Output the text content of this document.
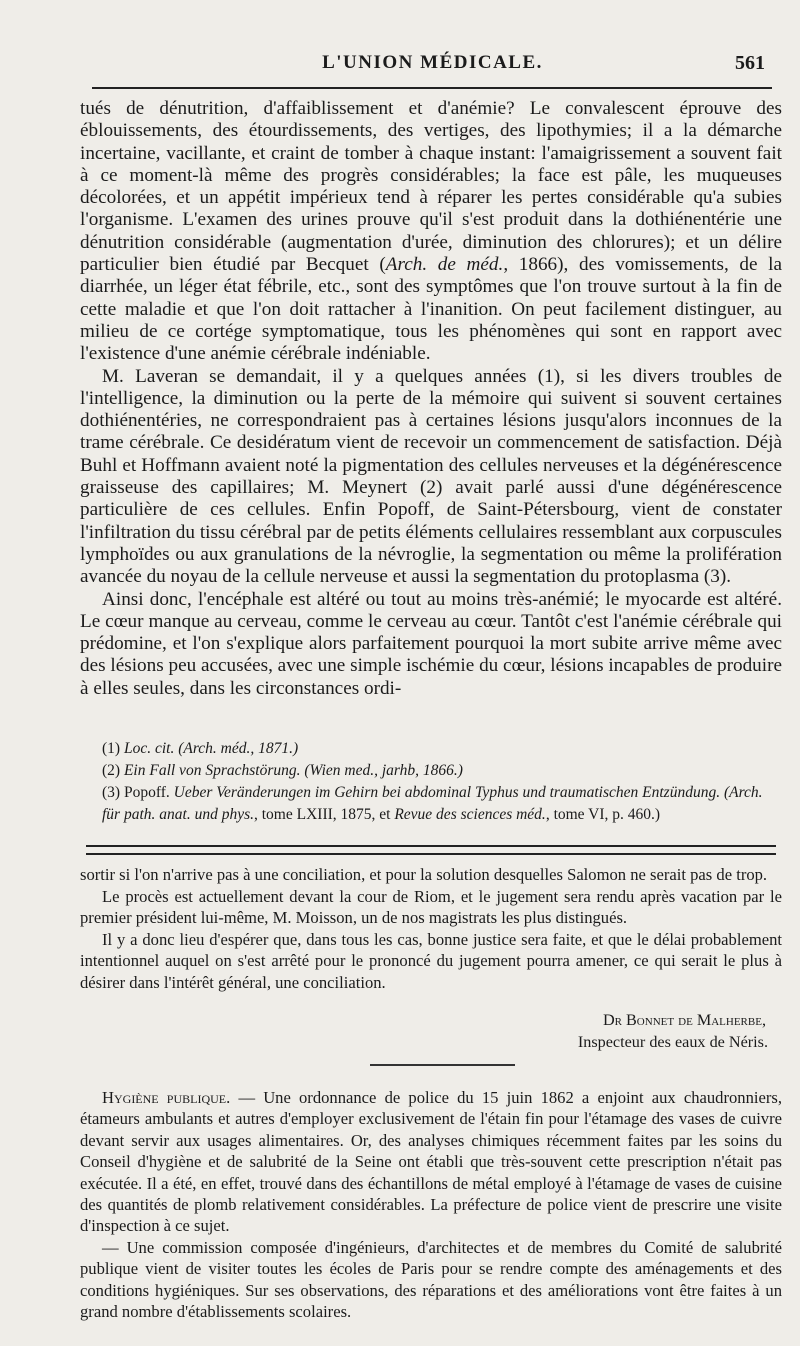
L'UNION MÉDICALE.	561

tués de dénutrition, d'affaiblissement et d'anémie? Le convalescent éprouve des éblouissements, des étourdissements, des vertiges, des lipothymies; il a la démarche incertaine, vacillante, et craint de tomber à chaque instant: l'amaigrissement a souvent fait à ce moment-là même des progrès considérables; la face est pâle, les muqueuses décolorées, et un appétit impérieux tend à réparer les pertes considérable qu'a subies l'organisme. L'examen des urines prouve qu'il s'est produit dans la dothiénentérie une dénutrition considérable (augmentation d'urée, diminution des chlorures); et un délire particulier bien étudié par Becquet (Arch. de méd., 1866), des vomissements, de la diarrhée, un léger état fébrile, etc., sont des symptômes que l'on trouve surtout à la fin de cette maladie et que l'on doit rattacher à l'inanition. On peut facilement distinguer, au milieu de ce cortége symptomatique, tous les phénomènes qui sont en rapport avec l'existence d'une anémie cérébrale indéniable.

M. Laveran se demandait, il y a quelques années (1), si les divers troubles de l'intelligence, la diminution ou la perte de la mémoire qui suivent si souvent certaines dothiénentéries, ne correspondraient pas à certaines lésions jusqu'alors inconnues de la trame cérébrale. Ce desidératum vient de recevoir un commencement de satisfaction. Déjà Buhl et Hoffmann avaient noté la pigmentation des cellules nerveuses et la dégénérescence graisseuse des capillaires; M. Meynert (2) avait parlé aussi d'une dégénérescence particulière de ces cellules. Enfin Popoff, de Saint-Pétersbourg, vient de constater l'infiltration du tissu cérébral par de petits éléments cellulaires ressemblant aux corpuscules lymphoïdes ou aux granulations de la névroglie, la segmentation ou même la prolifération avancée du noyau de la cellule nerveuse et aussi la segmentation du protoplasma (3).

Ainsi donc, l'encéphale est altéré ou tout au moins très-anémié; le myocarde est altéré. Le cœur manque au cerveau, comme le cerveau au cœur. Tantôt c'est l'anémie cérébrale qui prédomine, et l'on s'explique alors parfaitement pourquoi la mort subite arrive même avec des lésions peu accusées, avec une simple ischémie du cœur, lésions incapables de produire à elles seules, dans les circonstances ordi-

(1) Loc. cit. (Arch. méd., 1871.)
(2) Ein Fall von Sprachstörung. (Wien med., jarhb, 1866.)
(3) Popoff. Ueber Veränderungen im Gehirn bei abdominal Typhus und traumatischen Entzündung. (Arch. für path. anat. und phys., tome LXIII, 1875, et Revue des sciences méd., tome VI, p. 460.)

sortir si l'on n'arrive pas à une conciliation, et pour la solution desquelles Salomon ne serait pas de trop.

Le procès est actuellement devant la cour de Riom, et le jugement sera rendu après vacation par le premier président lui-même, M. Moisson, un de nos magistrats les plus distingués.

Il y a donc lieu d'espérer que, dans tous les cas, bonne justice sera faite, et que le délai probablement intentionnel auquel on s'est arrêté pour le prononcé du jugement pourra amener, ce qui serait le plus à désirer dans l'intérêt général, une conciliation.

Dr Bonnet de Malherbe,
Inspecteur des eaux de Néris.

Hygiène publique. — Une ordonnance de police du 15 juin 1862 a enjoint aux chaudronniers, étameurs ambulants et autres d'employer exclusivement de l'étain fin pour l'étamage des vases de cuivre devant servir aux usages alimentaires. Or, des analyses chimiques récemment faites par les soins du Conseil d'hygiène et de salubrité de la Seine ont établi que très-souvent cette prescription n'était pas exécutée. Il a été, en effet, trouvé dans des échantillons de métal employé à l'étamage de vases de cuisine des quantités de plomb relativement considérables. La préfecture de police vient de prescrire une visite d'inspection à ce sujet.

— Une commission composée d'ingénieurs, d'architectes et de membres du Comité de salubrité publique vient de visiter toutes les écoles de Paris pour se rendre compte des aménagements et des conditions hygiéniques. Sur ses observations, des réparations et des améliorations vont être faites à un grand nombre d'établissements scolaires.
